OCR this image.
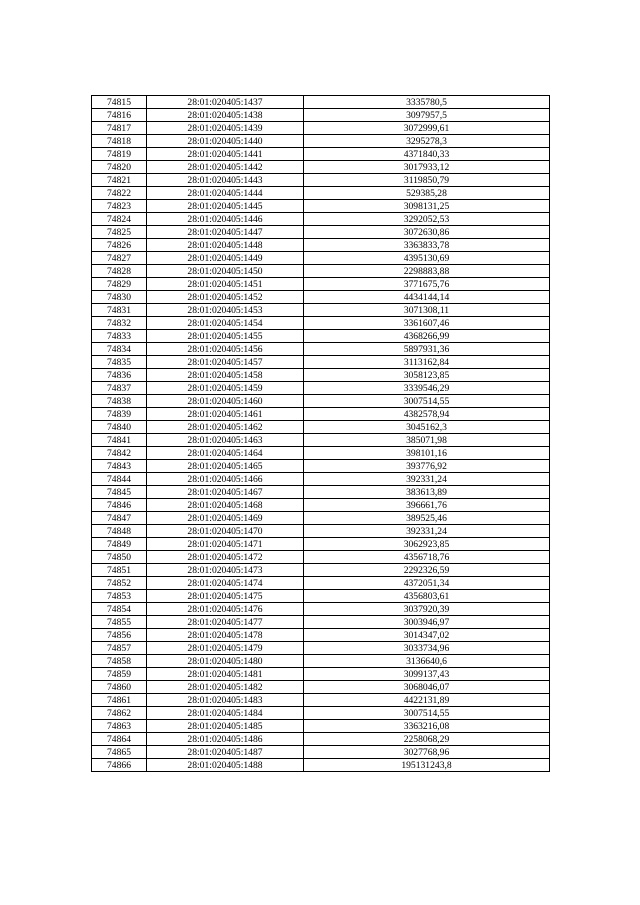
74815	28:01:020405:1437	3335780,5
74816	28:01:020405:1438	3097957,5
74817	28:01:020405:1439	3072999,61
74818	28:01:020405:1440	3295278,3
74819	28:01:020405:1441	4371840,33
74820	28:01:020405:1442	3017933,12
74821	28:01:020405:1443	3119850,79
74822	28:01:020405:1444	529385,28
74823	28:01:020405:1445	3098131,25
74824	28:01:020405:1446	3292052,53
74825	28:01:020405:1447	3072630,86
74826	28:01:020405:1448	3363833,78
74827	28:01:020405:1449	4395130,69
74828	28:01:020405:1450	2298883,88
74829	28:01:020405:1451	3771675,76
74830	28:01:020405:1452	4434144,14
74831	28:01:020405:1453	3071308,11
74832	28:01:020405:1454	3361607,46
74833	28:01:020405:1455	4368266,99
74834	28:01:020405:1456	5897931,36
74835	28:01:020405:1457	3113162,84
74836	28:01:020405:1458	3058123,85
74837	28:01:020405:1459	3339546,29
74838	28:01:020405:1460	3007514,55
74839	28:01:020405:1461	4382578,94
74840	28:01:020405:1462	3045162,3
74841	28:01:020405:1463	385071,98
74842	28:01:020405:1464	398101,16
74843	28:01:020405:1465	393776,92
74844	28:01:020405:1466	392331,24
74845	28:01:020405:1467	383613,89
74846	28:01:020405:1468	396661,76
74847	28:01:020405:1469	389525,46
74848	28:01:020405:1470	392331,24
74849	28:01:020405:1471	3062923,85
74850	28:01:020405:1472	4356718,76
74851	28:01:020405:1473	2292326,59
74852	28:01:020405:1474	4372051,34
74853	28:01:020405:1475	4356803,61
74854	28:01:020405:1476	3037920,39
74855	28:01:020405:1477	3003946,97
74856	28:01:020405:1478	3014347,02
74857	28:01:020405:1479	3033734,96
74858	28:01:020405:1480	3136640,6
74859	28:01:020405:1481	3099137,43
74860	28:01:020405:1482	3068046,07
74861	28:01:020405:1483	4422131,89
74862	28:01:020405:1484	3007514,55
74863	28:01:020405:1485	3363216,08
74864	28:01:020405:1486	2258068,29
74865	28:01:020405:1487	3027768,96
74866	28:01:020405:1488	195131243,8
